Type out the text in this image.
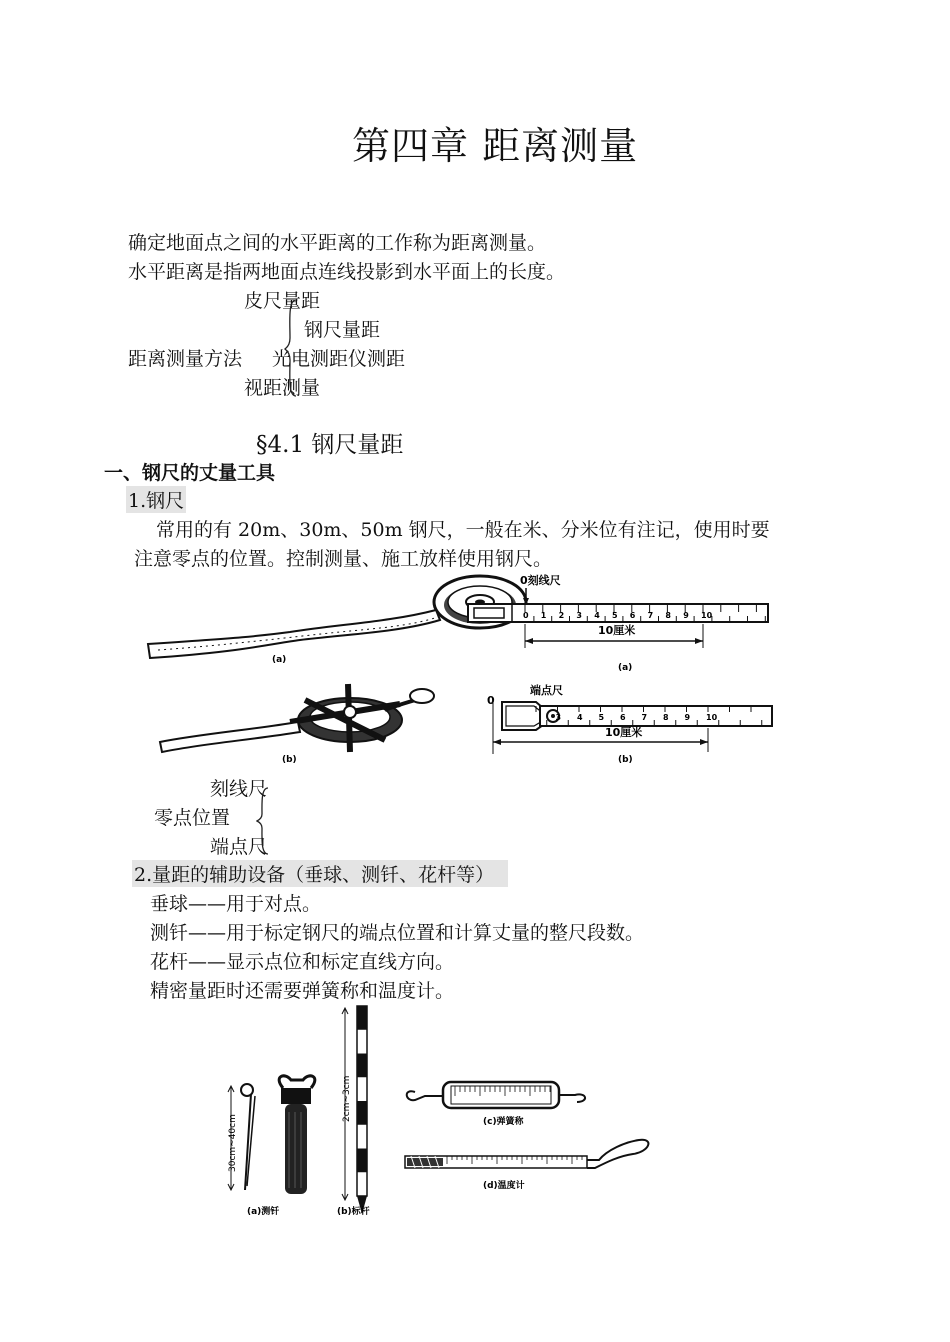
第四章 距离测量
确定地面点之间的水平距离的工作称为距离测量。
水平距离是指两地面点连线投影到水平面上的长度。
皮尺量距
钢尺量距
距离测量方法 光电测距仪测距
视距测量
§4.1 钢尺量距
一、钢尺的丈量工具
1.钢尺
常用的有 20m、30m、50m 钢尺，一般在米、分米位有注记，使用时要
注意零点的位置。控制测量、施工放样使用钢尺。
(a)
(b)
0刻线尺
0 1 2 3 4 5 6 7 8 9 10
10厘米
(a)
0
端点尺
3 4 5 6 7 8 9 10
10厘米
(b)
刻线尺
零点位置
端点尺
2.量距的辅助设备（垂球、测钎、花杆等）
垂球——用于对点。
测钎——用于标定钢尺的端点位置和计算丈量的整尺段数。
花杆——显示点位和标定直线方向。
精密量距时还需要弹簧称和温度计。
30cm~40cm
(a)测钎
2cm~3cm
(b)标杆
(c)弹簧称
(d)温度计
